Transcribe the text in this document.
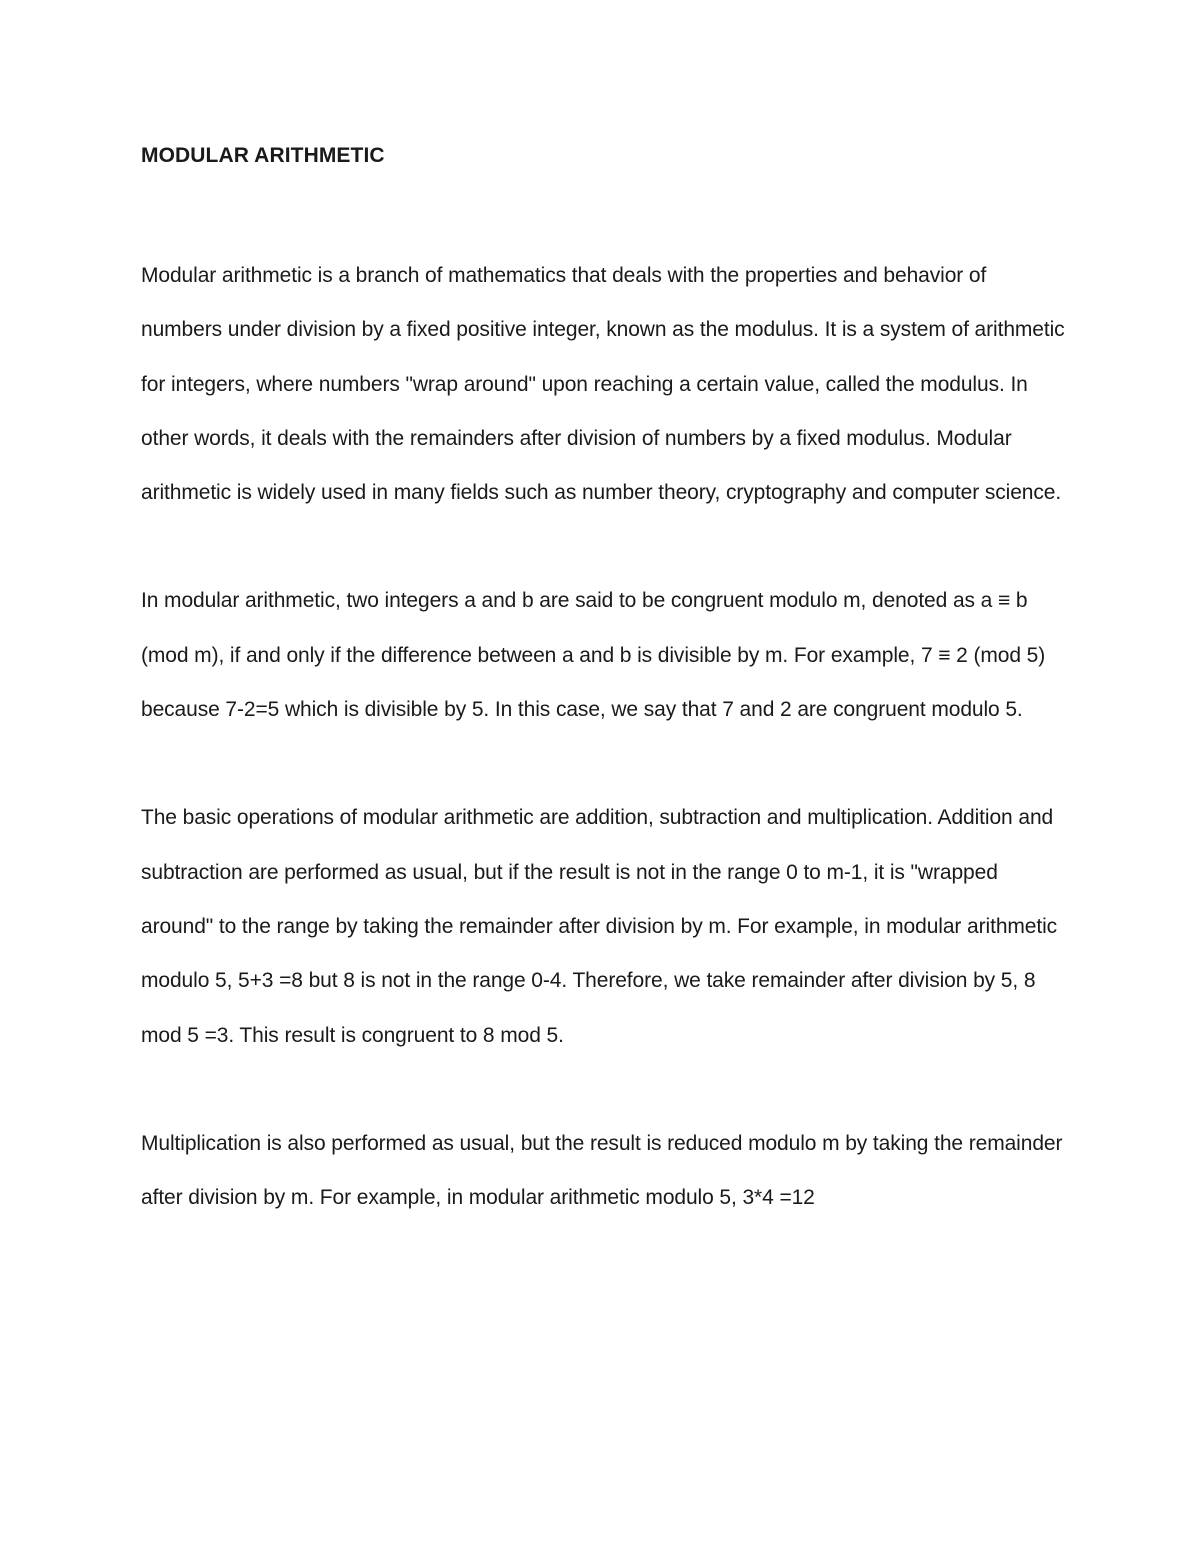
MODULAR ARITHMETIC

Modular arithmetic is a branch of mathematics that deals with the properties and behavior of numbers under division by a fixed positive integer, known as the modulus. It is a system of arithmetic for integers, where numbers "wrap around" upon reaching a certain value, called the modulus. In other words, it deals with the remainders after division of numbers by a fixed modulus. Modular arithmetic is widely used in many fields such as number theory, cryptography and computer science.

In modular arithmetic, two integers a and b are said to be congruent modulo m, denoted as a ≡ b (mod m), if and only if the difference between a and b is divisible by m. For example, 7 ≡ 2 (mod 5) because 7-2=5 which is divisible by 5. In this case, we say that 7 and 2 are congruent modulo 5.

The basic operations of modular arithmetic are addition, subtraction and multiplication. Addition and subtraction are performed as usual, but if the result is not in the range 0 to m-1, it is "wrapped around" to the range by taking the remainder after division by m. For example, in modular arithmetic modulo 5, 5+3 =8 but 8 is not in the range 0-4. Therefore, we take remainder after division by 5, 8 mod 5 =3. This result is congruent to 8 mod 5.

Multiplication is also performed as usual, but the result is reduced modulo m by taking the remainder after division by m. For example, in modular arithmetic modulo 5, 3*4 =12
